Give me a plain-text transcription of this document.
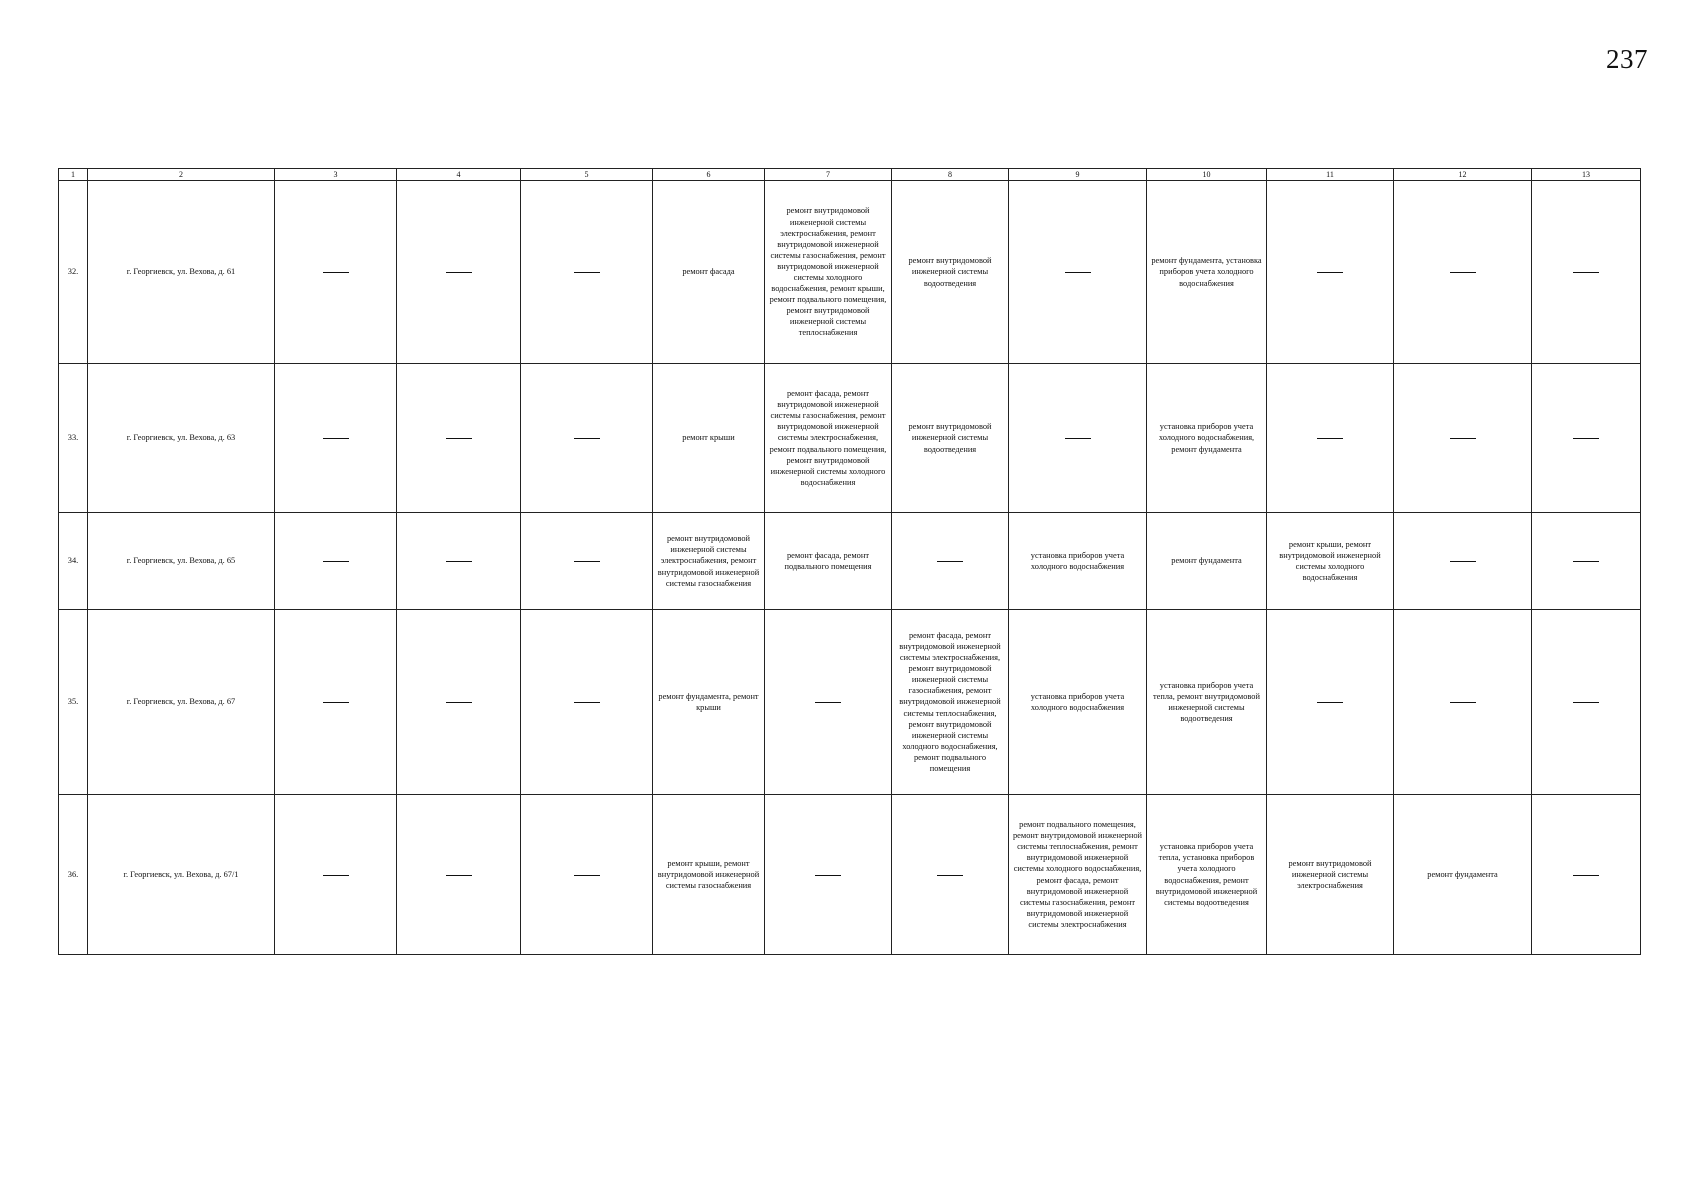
237
1	2	3	4	5	6	7	8	9	10	11	12	13
32.	г. Георгиевск, ул. Вехова, д. 61				ремонт фасада	ремонт внутридомовой инженерной системы электроснабжения, ремонт внутридомовой инженерной системы газоснабжения, ремонт внутридомовой инженерной системы холодного водоснабжения, ремонт крыши, ремонт подвального помещения, ремонт внутридомовой инженерной системы теплоснабжения	ремонт внутридомовой инженерной системы водоотведения		ремонт фундамента, установка приборов учета холодного водоснабжения			
33.	г. Георгиевск, ул. Вехова, д. 63				ремонт крыши	ремонт фасада, ремонт внутридомовой инженерной системы газоснабжения, ремонт внутридомовой инженерной системы электроснабжения, ремонт подвального помещения, ремонт внутридомовой инженерной системы холодного водоснабжения	ремонт внутридомовой инженерной системы водоотведения		установка приборов учета холодного водоснабжения, ремонт фундамента			
34.	г. Георгиевск, ул. Вехова, д. 65				ремонт внутридомовой инженерной системы электроснабжения, ремонт внутридомовой инженерной системы газоснабжения	ремонт фасада, ремонт подвального помещения		установка приборов учета холодного водоснабжения	ремонт фундамента	ремонт крыши, ремонт внутридомовой инженерной системы холодного водоснабжения		
35.	г. Георгиевск, ул. Вехова, д. 67				ремонт фундамента, ремонт крыши		ремонт фасада, ремонт внутридомовой инженерной системы электроснабжения, ремонт внутридомовой инженерной системы газоснабжения, ремонт внутридомовой инженерной системы теплоснабжения, ремонт внутридомовой инженерной системы холодного водоснабжения, ремонт подвального помещения	установка приборов учета холодного водоснабжения	установка приборов учета тепла, ремонт внутридомовой инженерной системы водоотведения			
36.	г. Георгиевск, ул. Вехова, д. 67/1				ремонт крыши, ремонт внутридомовой инженерной системы газоснабжения			ремонт подвального помещения, ремонт внутридомовой инженерной системы теплоснабжения, ремонт внутридомовой инженерной системы холодного водоснабжения, ремонт фасада, ремонт внутридомовой инженерной системы газоснабжения, ремонт внутридомовой инженерной системы электроснабжения	установка приборов учета тепла, установка приборов учета холодного водоснабжения, ремонт внутридомовой инженерной системы водоотведения	ремонт внутридомовой инженерной системы электроснабжения	ремонт фундамента	
